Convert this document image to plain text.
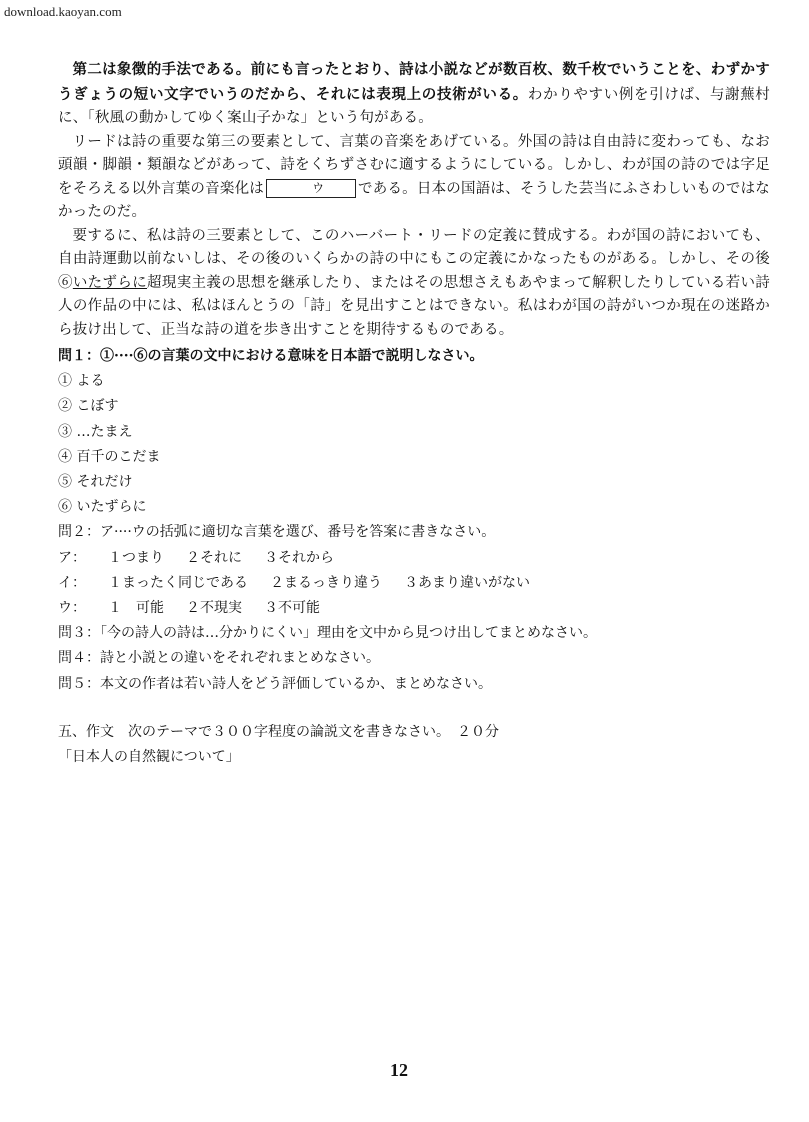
download.kaoyan.com

第二は象徴的手法である。前にも言ったとおり、詩は小説などが数百枚、数千枚でいうことを、わずかすうぎょうの短い文字でいうのだから、それには表現上の技術がいる。わかりやすい例を引けば、与謝蕪村に、「秋風の動かしてゆく案山子かな」という句がある。

リードは詩の重要な第三の要素として、言葉の音楽をあげている。外国の詩は自由詩に変わっても、なお頭韻・脚韻・類韻などがあって、詩をくちずさむに適するようにしている。しかし、わが国の詩のでは字足をそろえる以外言葉の音楽化は	ウ である。日本の国語は、そうした芸当にふさわしいものではなかったのだ。

要するに、私は詩の三要素として、このハーバート・リードの定義に賛成する。わが国の詩においても、自由詩運動以前ないしは、その後のいくらかの詩の中にもこの定義にかなったものがある。しかし、その後⑥いたずらに超現実主義の思想を継承したり、またはその思想さえもあやまって解釈したりしている若い詩人の作品の中には、私はほんとうの「詩」を見出すことはできない。私はわが国の詩がいつか現在の迷路から抜け出して、正当な詩の道を歩き出すことを期待するものである。

問１：①····⑥の言葉の文中における意味を日本語で説明しなさい。

① よる

② こぼす

③ …たまえ

④ 百千のこだま

⑤ それだけ

⑥ いたずらに

問２：ア····ウの括弧に適切な言葉を選び、番号を答案に書きなさい。

ア： １つまり ２それに ３それから

イ： １まったく同じである ２まるっきり違う ３あまり違いがない

ウ： １　可能 ２不現実 ３不可能

問３：「今の詩人の詩は…分かりにくい」理由を文中から見つけ出してまとめなさい。

問４：詩と小説との違いをそれぞれまとめなさい。

問５：本文の作者は若い詩人をどう評価しているか、まとめなさい。

五、作文　次のテーマで３００字程度の論説文を書きなさい。　２０分

「日本人の自然観について」

12
